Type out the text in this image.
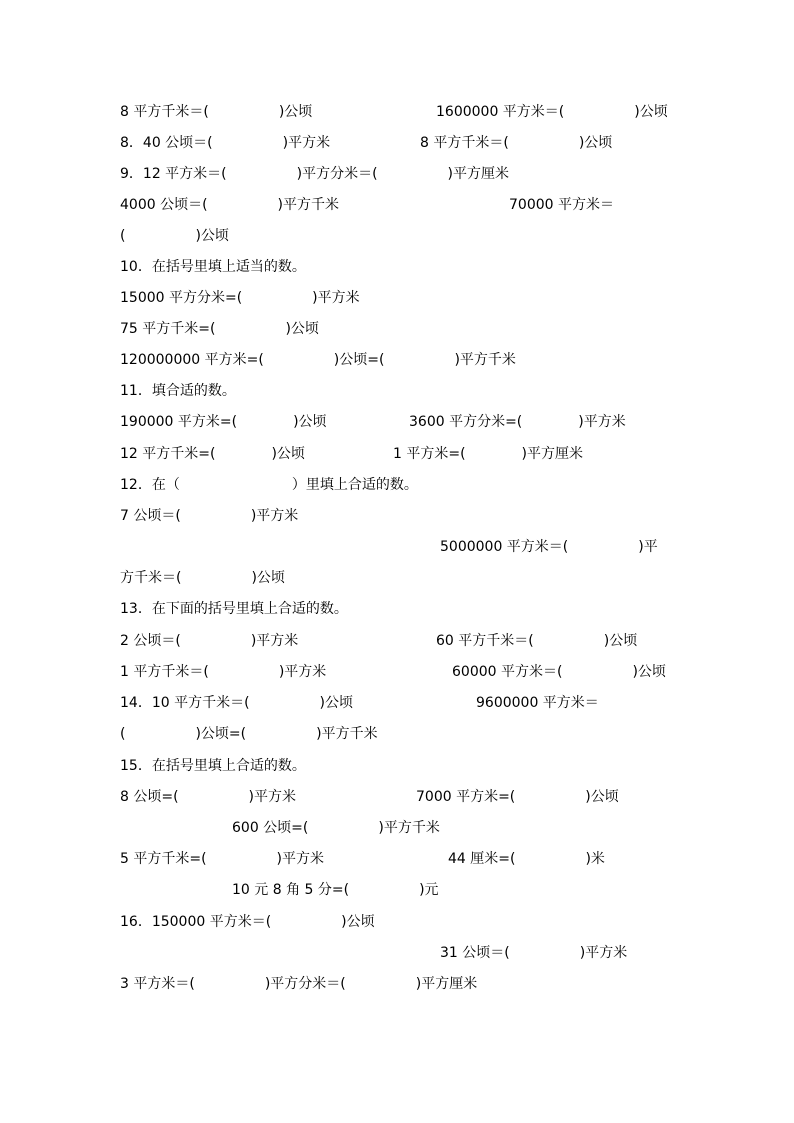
8 平方千米＝(　　　　　)公顷	1600000 平方米＝(　　　　　)公顷
8．40 公顷＝(　　　　　)平方米	8 平方千米＝(　　　　　)公顷
9．12 平方米＝(　　　　　)平方分米＝(　　　　　)平方厘米
4000 公顷＝(　　　　　)平方千米	70000 平方米＝
(　　　　　)公顷
10．在括号里填上适当的数。
15000 平方分米=(　　　　　)平方米
75 平方千米=(　　　　　)公顷
120000000 平方米=(　　　　　)公顷=(　　　　　)平方千米
11．填合适的数。
190000 平方米=(　　　　)公顷	3600 平方分米=(　　　　)平方米
12 平方千米=(　　　　)公顷	1 平方米=(　　　　)平方厘米
12．在（　　　　　　　　）里填上合适的数。
7 公顷＝(　　　　　)平方米
5000000 平方米＝(　　　　　)平
方千米＝(　　　　　)公顷
13．在下面的括号里填上合适的数。
2 公顷＝(　　　　　)平方米	60 平方千米＝(　　　　　)公顷
1 平方千米＝(　　　　　)平方米	60000 平方米＝(　　　　　)公顷
14．10 平方千米＝(　　　　　)公顷	9600000 平方米＝
(　　　　　)公顷=(　　　　　)平方千米
15．在括号里填上合适的数。
8 公顷=(　　　　　)平方米	7000 平方米=(　　　　　)公顷
600 公顷=(　　　　　)平方千米
5 平方千米=(　　　　　)平方米	44 厘米=(　　　　　)米
10 元 8 角 5 分=(　　　　　)元
16．150000 平方米＝(　　　　　)公顷
31 公顷＝(　　　　　)平方米
3 平方米＝(　　　　　)平方分米＝(　　　　　)平方厘米
